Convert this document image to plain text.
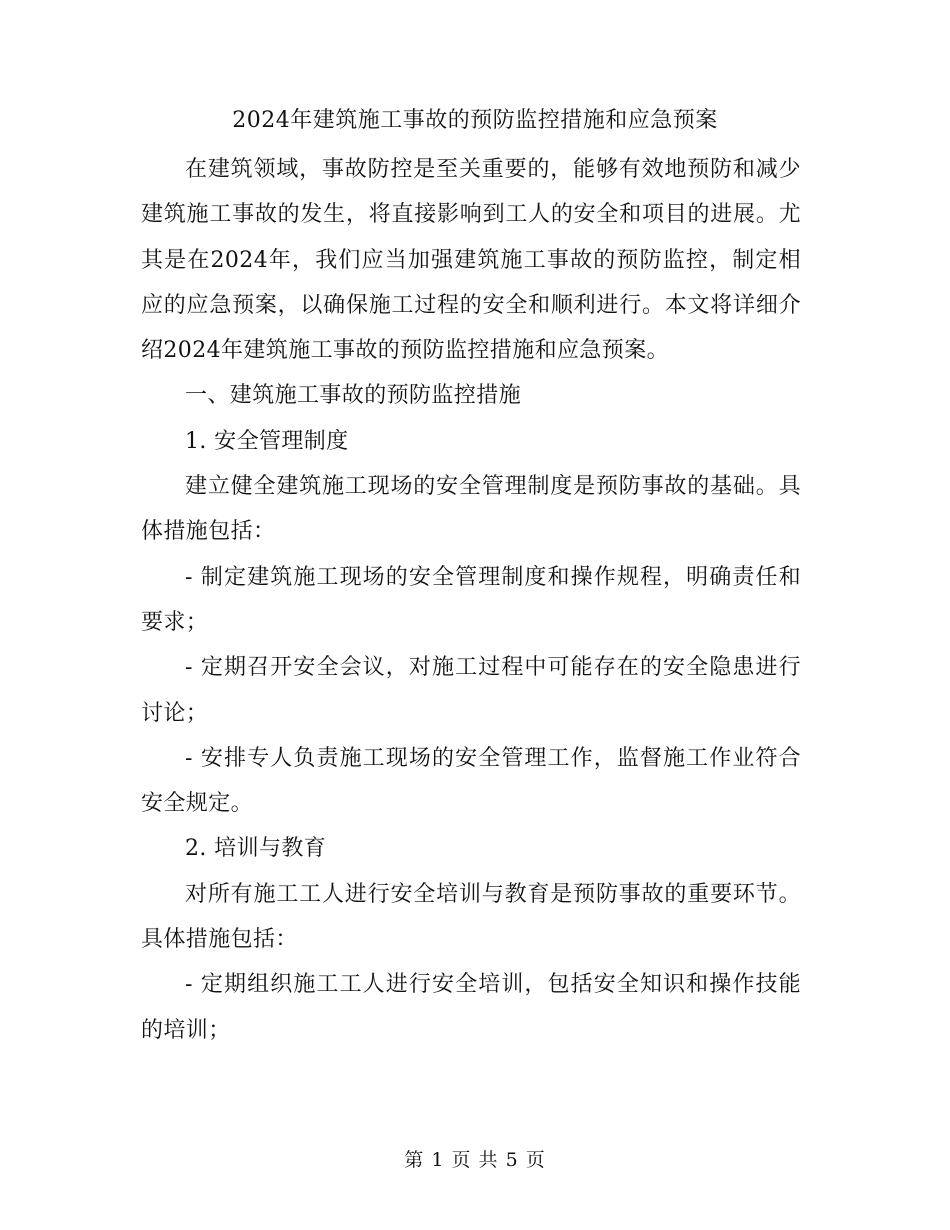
2024年建筑施工事故的预防监控措施和应急预案

在建筑领域，事故防控是至关重要的，能够有效地预防和减少建筑施工事故的发生，将直接影响到工人的安全和项目的进展。尤其是在2024年，我们应当加强建筑施工事故的预防监控，制定相应的应急预案，以确保施工过程的安全和顺利进行。本文将详细介绍2024年建筑施工事故的预防监控措施和应急预案。

一、建筑施工事故的预防监控措施

1. 安全管理制度

建立健全建筑施工现场的安全管理制度是预防事故的基础。具体措施包括：

- 制定建筑施工现场的安全管理制度和操作规程，明确责任和要求；

- 定期召开安全会议，对施工过程中可能存在的安全隐患进行讨论；

- 安排专人负责施工现场的安全管理工作，监督施工作业符合安全规定。

2. 培训与教育

对所有施工工人进行安全培训与教育是预防事故的重要环节。具体措施包括：

- 定期组织施工工人进行安全培训，包括安全知识和操作技能的培训；

第 1 页 共 5 页
